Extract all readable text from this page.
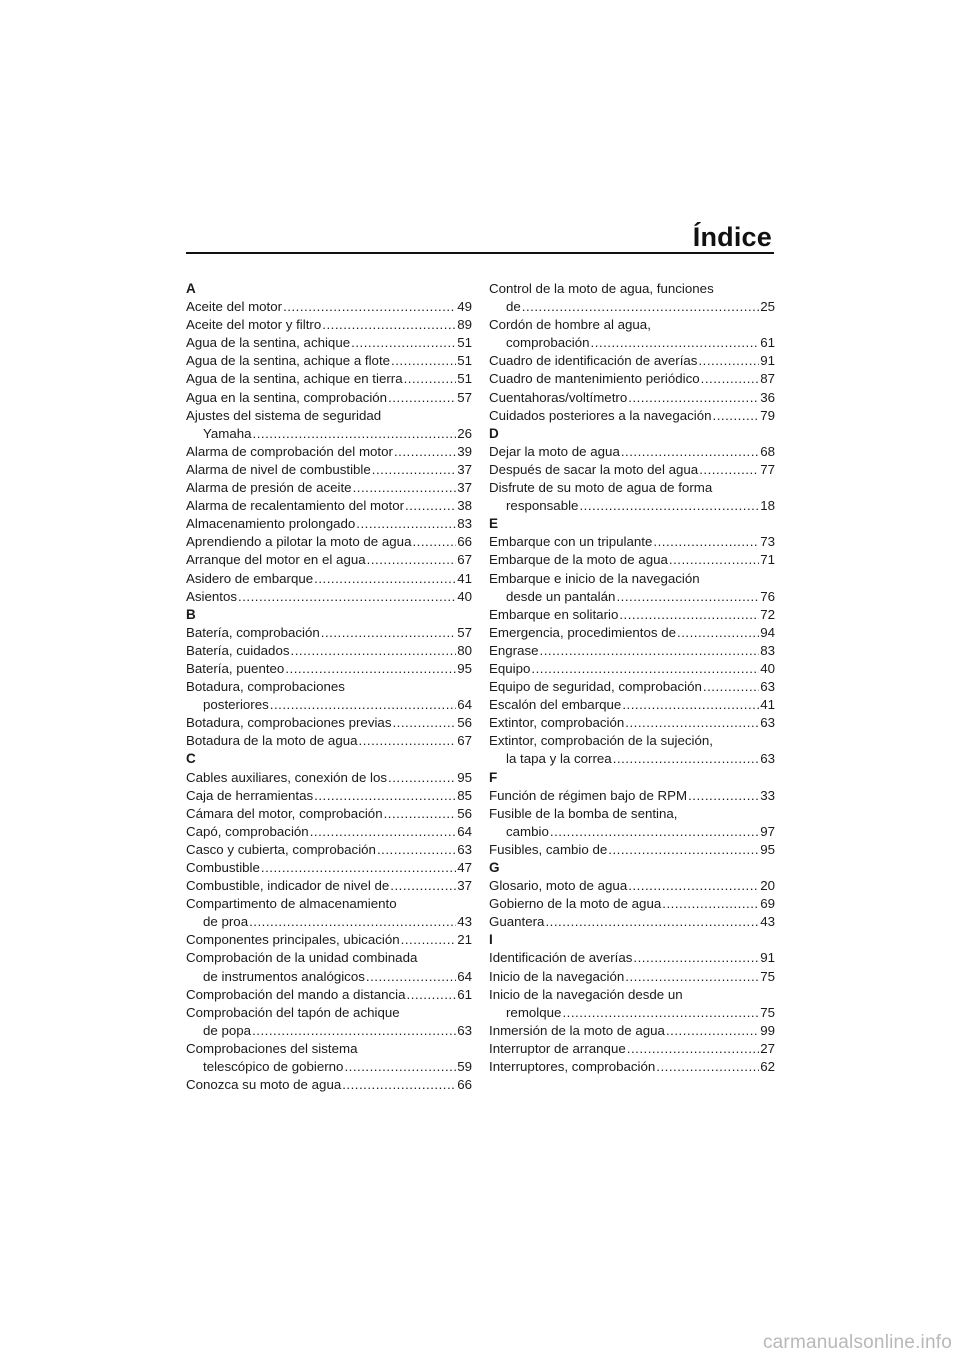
Índice
A
Aceite del motor . . .	49
Aceite del motor y filtro . . .	89
Agua de la sentina, achique . . .	51
Agua de la sentina, achique a flote . . .	51
Agua de la sentina, achique en tierra . . .	51
Agua en la sentina, comprobación . . .	57
Ajustes del sistema de seguridad
Yamaha . . .	26
Alarma de comprobación del motor . . .	39
Alarma de nivel de combustible . . .	37
Alarma de presión de aceite . . .	37
Alarma de recalentamiento del motor . . .	38
Almacenamiento prolongado . . .	83
Aprendiendo a pilotar la moto de agua . . .	66
Arranque del motor en el agua . . .	67
Asidero de embarque . . .	41
Asientos . . .	40
B
Batería, comprobación . . .	57
Batería, cuidados . . .	80
Batería, puenteo . . .	95
Botadura, comprobaciones
posteriores . . .	64
Botadura, comprobaciones previas . . .	56
Botadura de la moto de agua . . .	67
C
Cables auxiliares, conexión de los . . .	95
Caja de herramientas . . .	85
Cámara del motor, comprobación . . .	56
Capó, comprobación . . .	64
Casco y cubierta, comprobación . . .	63
Combustible . . .	47
Combustible, indicador de nivel de . . .	37
Compartimento de almacenamiento
de proa . . .	43
Componentes principales, ubicación . . .	21
Comprobación de la unidad combinada
de instrumentos analógicos . . .	64
Comprobación del mando a distancia . . .	61
Comprobación del tapón de achique
de popa . . .	63
Comprobaciones del sistema
telescópico de gobierno . . .	59
Conozca su moto de agua . . .	66
Control de la moto de agua, funciones
de . . .	25
Cordón de hombre al agua,
comprobación . . .	61
Cuadro de identificación de averías . . .	91
Cuadro de mantenimiento periódico . . .	87
Cuentahoras/voltímetro . . .	36
Cuidados posteriores a la navegación . . .	79
D
Dejar la moto de agua . . .	68
Después de sacar la moto del agua . . .	77
Disfrute de su moto de agua de forma
responsable . . .	18
E
Embarque con un tripulante . . .	73
Embarque de la moto de agua . . .	71
Embarque e inicio de la navegación
desde un pantalán . . .	76
Embarque en solitario . . .	72
Emergencia, procedimientos de . . .	94
Engrase . . .	83
Equipo . . .	40
Equipo de seguridad, comprobación . . .	63
Escalón del embarque . . .	41
Extintor, comprobación . . .	63
Extintor, comprobación de la sujeción,
la tapa y la correa . . .	63
F
Función de régimen bajo de RPM . . .	33
Fusible de la bomba de sentina,
cambio . . .	97
Fusibles, cambio de . . .	95
G
Glosario, moto de agua . . .	20
Gobierno de la moto de agua . . .	69
Guantera . . .	43
I
Identificación de averías . . .	91
Inicio de la navegación . . .	75
Inicio de la navegación desde un
remolque . . .	75
Inmersión de la moto de agua . . .	99
Interruptor de arranque . . .	27
Interruptores, comprobación . . .	62
carmanualsonline.info
